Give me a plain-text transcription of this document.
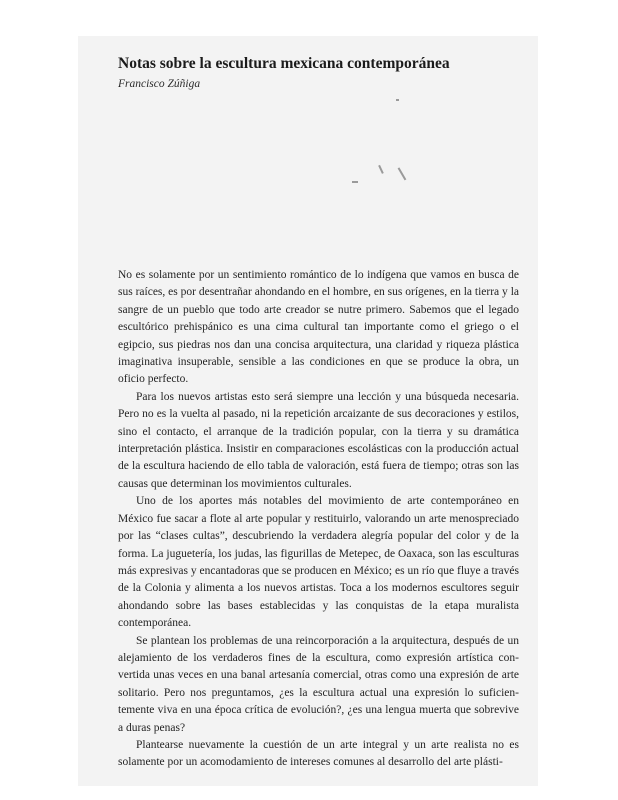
Notas sobre la escultura mexicana contemporánea

Francisco Zúñiga

No es solamente por un sentimiento romántico de lo indígena que vamos en busca de sus raíces, es por desentrañar ahondando en el hombre, en sus orígenes, en la tierra y la sangre de un pueblo que todo arte creador se nutre primero. Sabemos que el legado escultórico prehispánico es una cima cultural tan importante como el griego o el egipcio, sus piedras nos dan una concisa arquitectura, una claridad y riqueza plástica imaginativa insuperable, sensible a las condiciones en que se produce la obra, un oficio perfecto.

Para los nuevos artistas esto será siempre una lección y una búsqueda necesaria. Pero no es la vuelta al pasado, ni la repetición arcaizante de sus decoraciones y estilos, sino el contacto, el arranque de la tradición popular, con la tierra y su dramática interpretación plástica. Insistir en comparaciones escolásticas con la producción actual de la escultura haciendo de ello tabla de valoración, está fuera de tiempo; otras son las causas que determinan los movimientos culturales.

Uno de los aportes más notables del movimiento de arte contemporáneo en México fue sacar a flote al arte popular y restituirlo, valorando un arte menospreciado por las “clases cultas”, descubriendo la verdadera alegría popular del color y de la forma. La juguetería, los judas, las figurillas de Metepec, de Oaxaca, son las esculturas más expresivas y encantadoras que se producen en México; es un río que fluye a través de la Colonia y alimenta a los nuevos artistas. Toca a los modernos escultores seguir ahondando sobre las bases establecidas y las conquistas de la etapa muralista contemporánea.

Se plantean los problemas de una reincorporación a la arquitectura, después de un alejamiento de los verdaderos fines de la escultura, como expresión artística convertida unas veces en una banal artesanía comercial, otras como una expresión de arte solitario. Pero nos preguntamos, ¿es la escultura actual una expresión lo suficientemente viva en una época crítica de evolución?, ¿es una lengua muerta que sobrevive a duras penas?

Plantearse nuevamente la cuestión de un arte integral y un arte realista no es solamente por un acomodamiento de intereses comunes al desarrollo del arte plásti-
